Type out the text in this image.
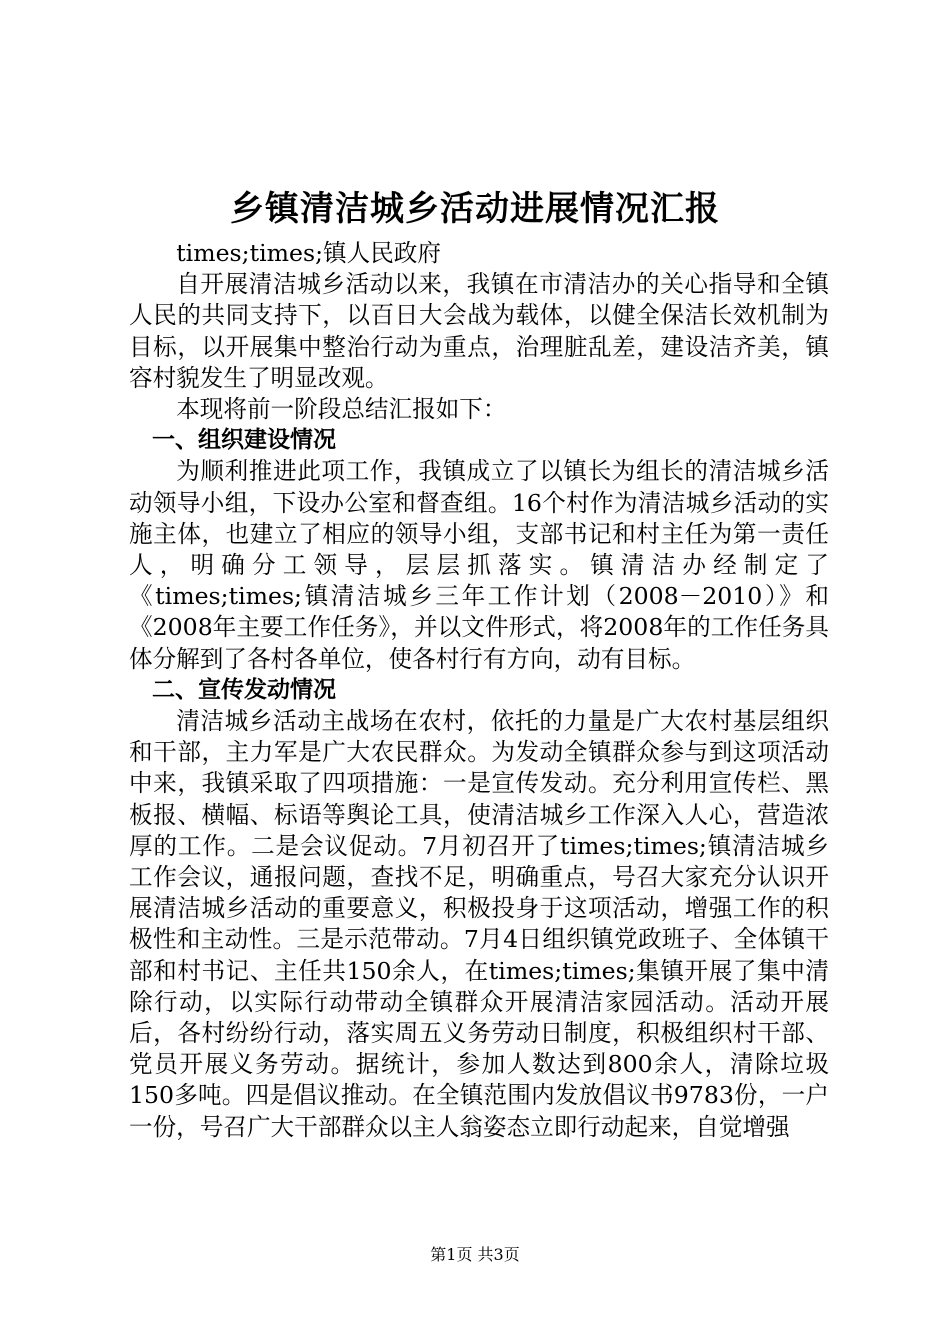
乡镇清洁城乡活动进展情况汇报

times;times;镇人民政府

自开展清洁城乡活动以来，我镇在市清洁办的关心指导和全镇人民的共同支持下，以百日大会战为载体，以健全保洁长效机制为目标，以开展集中整治行动为重点，治理脏乱差，建设洁齐美，镇容村貌发生了明显改观。

本现将前一阶段总结汇报如下：

一、组织建设情况

为顺利推进此项工作，我镇成立了以镇长为组长的清洁城乡活动领导小组，下设办公室和督查组。16个村作为清洁城乡活动的实施主体，也建立了相应的领导小组，支部书记和村主任为第一责任人，明确分工领导，层层抓落实。镇清洁办经制定了《times;times;镇清洁城乡三年工作计划（2008－2010）》和《2008年主要工作任务》，并以文件形式，将2008年的工作任务具体分解到了各村各单位，使各村行有方向，动有目标。

二、宣传发动情况

清洁城乡活动主战场在农村，依托的力量是广大农村基层组织和干部，主力军是广大农民群众。为发动全镇群众参与到这项活动中来，我镇采取了四项措施：一是宣传发动。充分利用宣传栏、黑板报、横幅、标语等舆论工具，使清洁城乡工作深入人心，营造浓厚的工作。二是会议促动。7月初召开了times;times;镇清洁城乡工作会议，通报问题，查找不足，明确重点，号召大家充分认识开展清洁城乡活动的重要意义，积极投身于这项活动，增强工作的积极性和主动性。三是示范带动。7月4日组织镇党政班子、全体镇干部和村书记、主任共150余人，在times;times;集镇开展了集中清除行动，以实际行动带动全镇群众开展清洁家园活动。活动开展后，各村纷纷行动，落实周五义务劳动日制度，积极组织村干部、党员开展义务劳动。据统计，参加人数达到800余人，清除垃圾150多吨。四是倡议推动。在全镇范围内发放倡议书9783份，一户一份，号召广大干部群众以主人翁姿态立即行动起来，自觉增强

第1页 共3页
